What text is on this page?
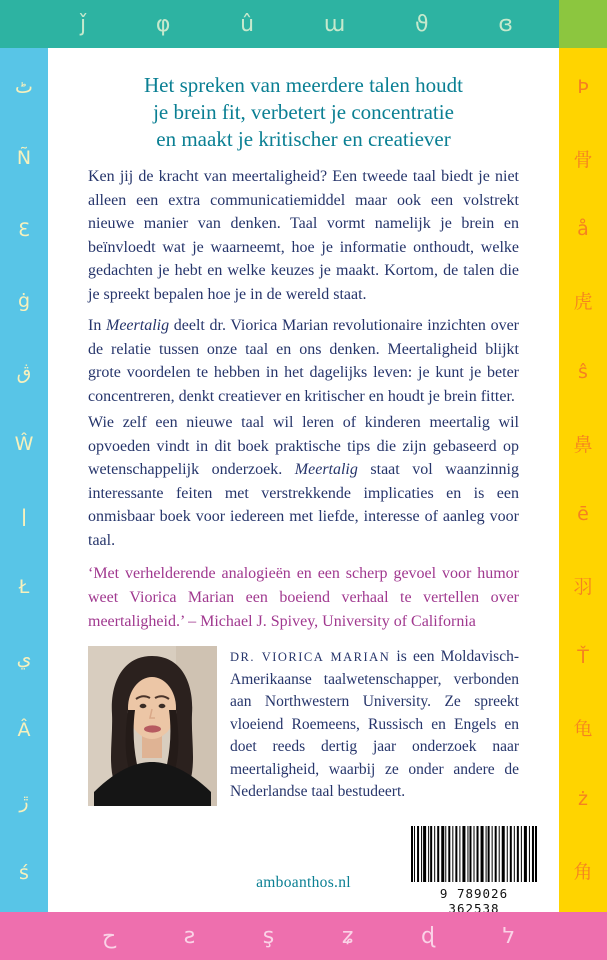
ǰ	φ	û	ɯ	ϑ	ɞ
ٹ
Ñ
Ɛ
ġ
ڨ
Ŵ
ǀ
Ł
ي
Â
ڙ
ś
Þ
骨
å
虎
ŝ
鼻
ē
羽
Ť
龟
ż
角
ح	ƨ	ş	ʑ	ɖ	ל
Het spreken van meerdere talen houdt
je brein fit, verbetert je concentratie
en maakt je kritischer en creatiever

Ken jij de kracht van meertaligheid? Een tweede taal biedt je niet alleen een extra communicatiemiddel maar ook een volstrekt nieuwe manier van denken. Taal vormt namelijk je brein en beïnvloedt wat je waarneemt, hoe je informatie onthoudt, welke gedachten je hebt en welke keuzes je maakt. Kortom, de talen die je spreekt bepalen hoe je in de wereld staat.

In Meertalig deelt dr. Viorica Marian revolutionaire inzichten over de relatie tussen onze taal en ons denken. Meertaligheid blijkt grote voordelen te hebben in het dagelijks leven: je kunt je beter concentreren, denkt creatiever en kritischer en houdt je brein fitter.

Wie zelf een nieuwe taal wil leren of kinderen meertalig wil opvoeden vindt in dit boek praktische tips die zijn gebaseerd op wetenschappelijk onderzoek. Meertalig staat vol waanzinnig interessante feiten met verstrekkende implicaties en is een onmisbaar boek voor iedereen met liefde, interesse of aanleg voor taal.

‘Met verhelderende analogieën en een scherp gevoel voor humor weet Viorica Marian een boeiend verhaal te vertellen over meertaligheid.’ – Michael J. Spivey, University of California

DR. VIORICA MARIAN is een Moldavisch-Amerikaanse taalwetenschapper, verbonden aan Northwestern University. Ze spreekt vloeiend Roemeens, Russisch en Engels en doet reeds dertig jaar onderzoek naar meertaligheid, waarbij ze onder andere de Nederlandse taal bestudeert.

amboanthos.nl
9 789026 362538
